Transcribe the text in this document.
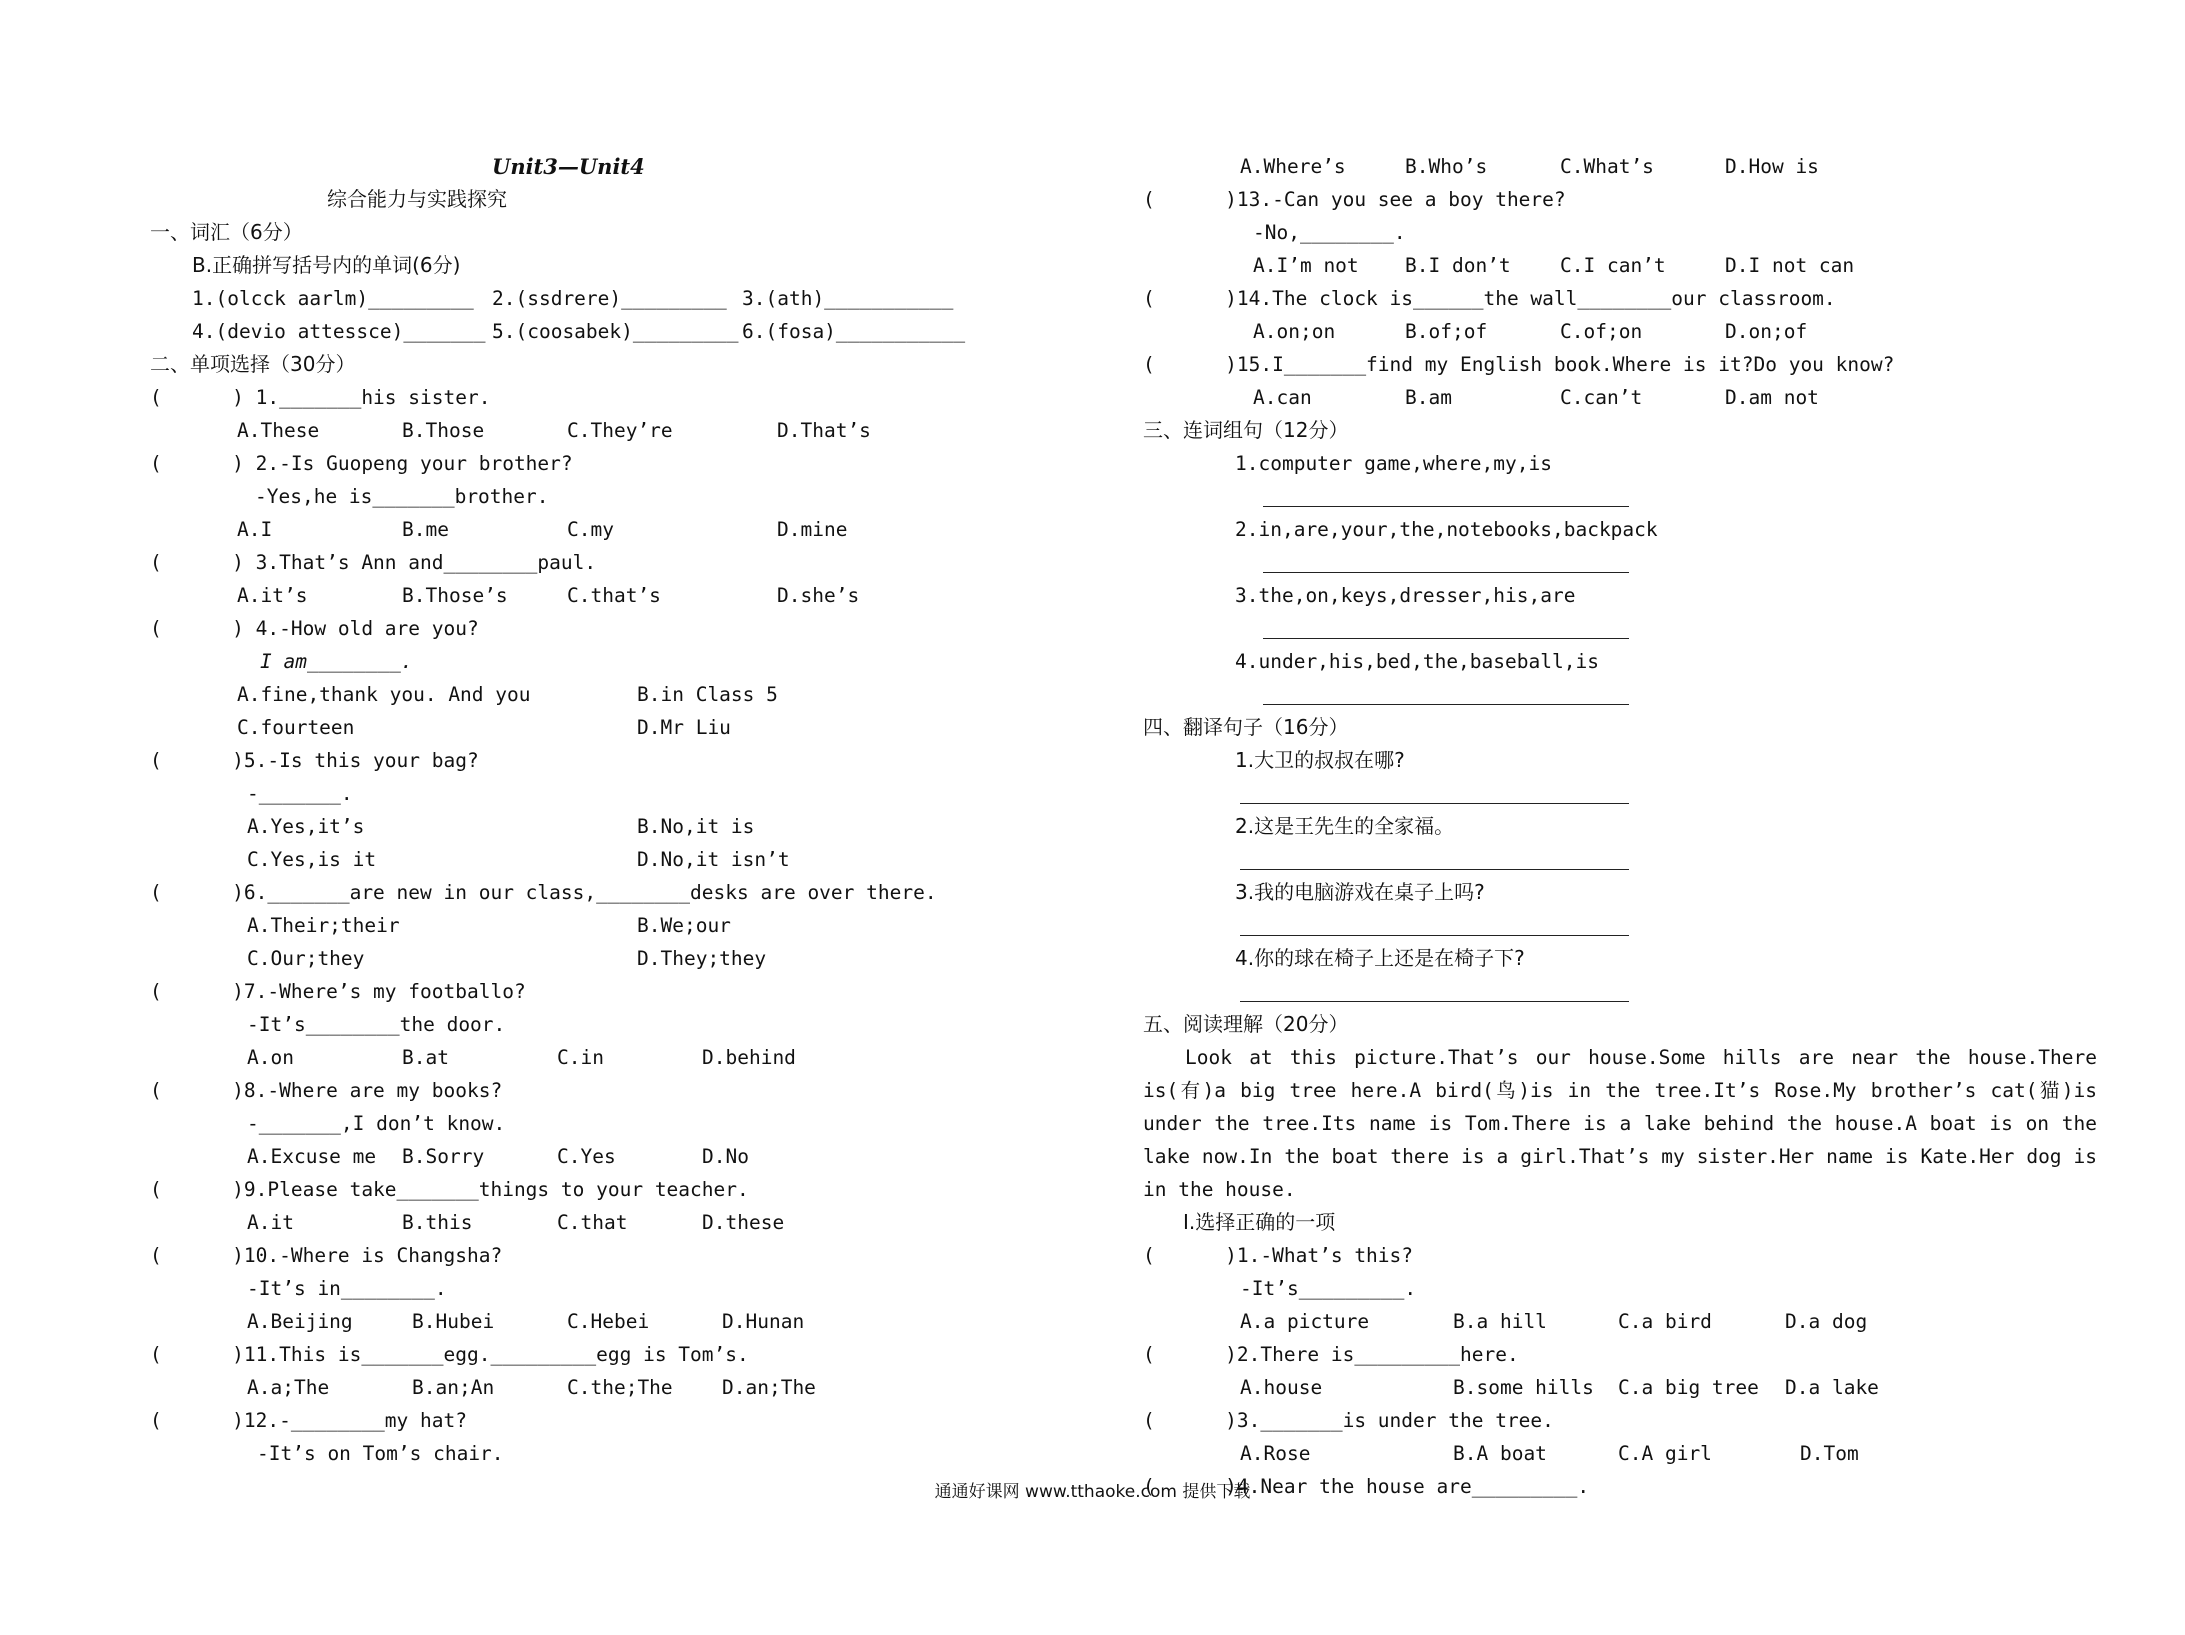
Unit3—Unit4
综合能力与实践探究
一、词汇（6分）
B.正确拼写括号内的单词(6分)

1.(olcck aarlm)_________

2.(ssdrere)_________

3.(ath)___________

4.(devio attessce)_______

5.(coosabek)_________

6.(fosa)___________

二、单项选择（30分）
(      ) 1._______his sister.

A.These

	B.Those

	C.They’re

	D.That’s

(      ) 2.-Is Guopeng your brother?
-Yes,he is_______brother.

A.I

	B.me

	C.my

	D.mine

(      ) 3.That’s Ann and________paul.

A.it’s

	B.Those’s

	C.that’s

	D.she’s

(      ) 4.-How old are you?
I am________.

A.fine,thank you. And you

	B.in Class 5

C.fourteen

	D.Mr Liu

(      )5.-Is this your bag?
-_______.

A.Yes,it’s

	B.No,it is

C.Yes,is it

	D.No,it isn’t

(      )6._______are new in our class,________desks are over there.

A.Their;their

	B.We;our

C.Our;they

	D.They;they

(      )7.-Where’s my footballo?
-It’s________the door.

A.on

	B.at

	C.in

	D.behind

(      )8.-Where are my books?
-_______,I don’t know.

A.Excuse me

B.Sorry

	C.Yes

	D.No

(      )9.Please take_______things to your teacher.

A.it

	B.this

	C.that

	D.these

(      )10.-Where is Changsha?
-It’s in________.

A.Beijing

	B.Hubei

	C.Hebei

	D.Hunan

(      )11.This is_______egg._________egg is Tom’s.

A.a;The

	B.an;An

	C.the;The

	D.an;The

(      )12.-________my hat?
-It’s on Tom’s chair.

A.Where’s

	B.Who’s

	C.What’s

	D.How is

(      )13.-Can you see a boy there?
-No,________.

A.I’m not

B.I don’t

	C.I can’t

	D.I not can

(      )14.The clock is______the wall________our classroom.

A.on;on

	B.of;of

	C.of;on

	D.on;of

(      )15.I_______find my English book.Where is it?Do you know?

A.can

	B.am

	C.can’t

	D.am not

三、连词组句（12分）
1.computer game,where,my,is
2.in,are,your,the,notebooks,backpack
3.the,on,keys,dresser,his,are
4.under,his,bed,the,baseball,is
四、翻译句子（16分）
1.大卫的叔叔在哪?
2.这是王先生的全家福。
3.我的电脑游戏在桌子上吗?
4.你的球在椅子上还是在椅子下?
五、阅读理解（20分）
Look at this picture.That’s our house.Some hills are near the house.There is(有)a big tree here.A bird(鸟)is in the tree.It’s Rose.My brother’s cat(猫)is under the tree.Its name is Tom.There is a lake behind the house.A boat is on the lake now.In the boat there is a girl.That’s my sister.Her name is Kate.Her dog is in the house.
Ⅰ.选择正确的一项
(      )1.-What’s this?
-It’s_________.

A.a picture

	B.a hill

	C.a bird

	D.a dog

(      )2.There is_________here.

A.house

	B.some hills

C.a big tree

D.a lake

(      )3._______is under the tree.

A.Rose

	B.A boat

	C.A girl

	D.Tom

(      )4.Near the house are_________.
通通好课网 www.tthaoke.com 提供下载
